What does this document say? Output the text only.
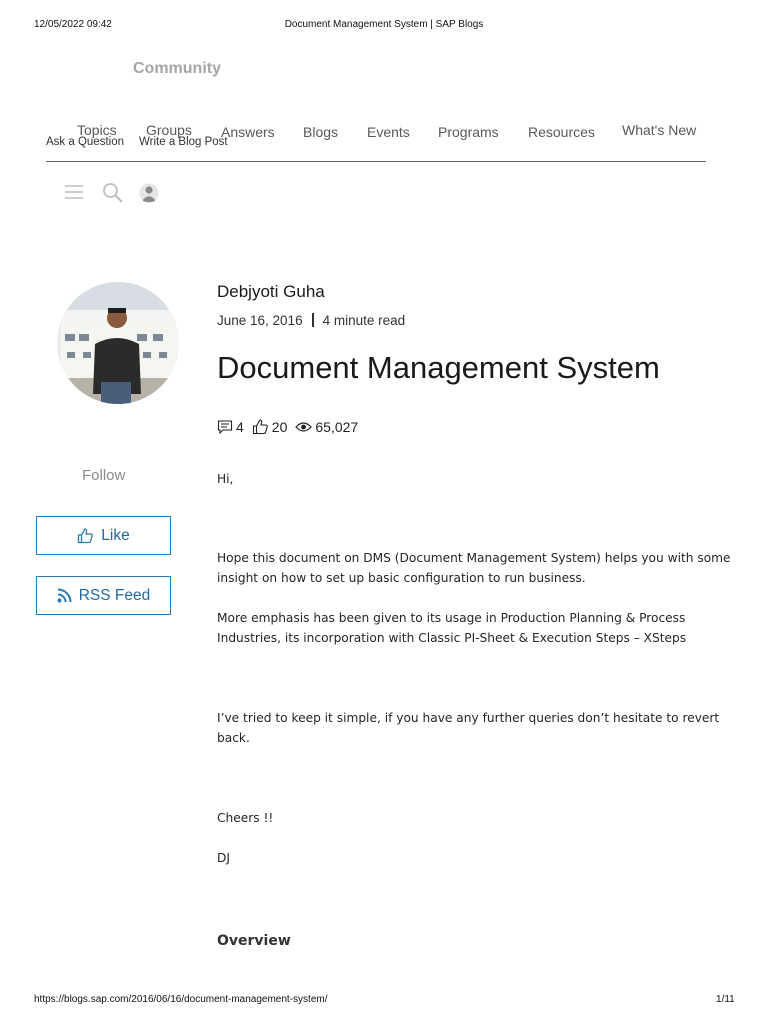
12/05/2022 09:42	Document Management System | SAP Blogs
Community
Topics Groups Answers Blogs Events Programs Resources What's New
Ask a Question Write a Blog Post
Debjyoti Guha
June 16, 2016 4 minute read
Document Management System
4 20 65,027
Follow
Like
RSS Feed
Hi,
Hope this document on DMS (Document Management System) helps you with some insight on how to set up basic configuration to run business.
More emphasis has been given to its usage in Production Planning & Process Industries, its incorporation with Classic PI-Sheet & Execution Steps – XSteps
I’ve tried to keep it simple, if you have any further queries don’t hesitate to revert back.
Cheers !!
DJ
Overview
https://blogs.sap.com/2016/06/16/document-management-system/	1/11
